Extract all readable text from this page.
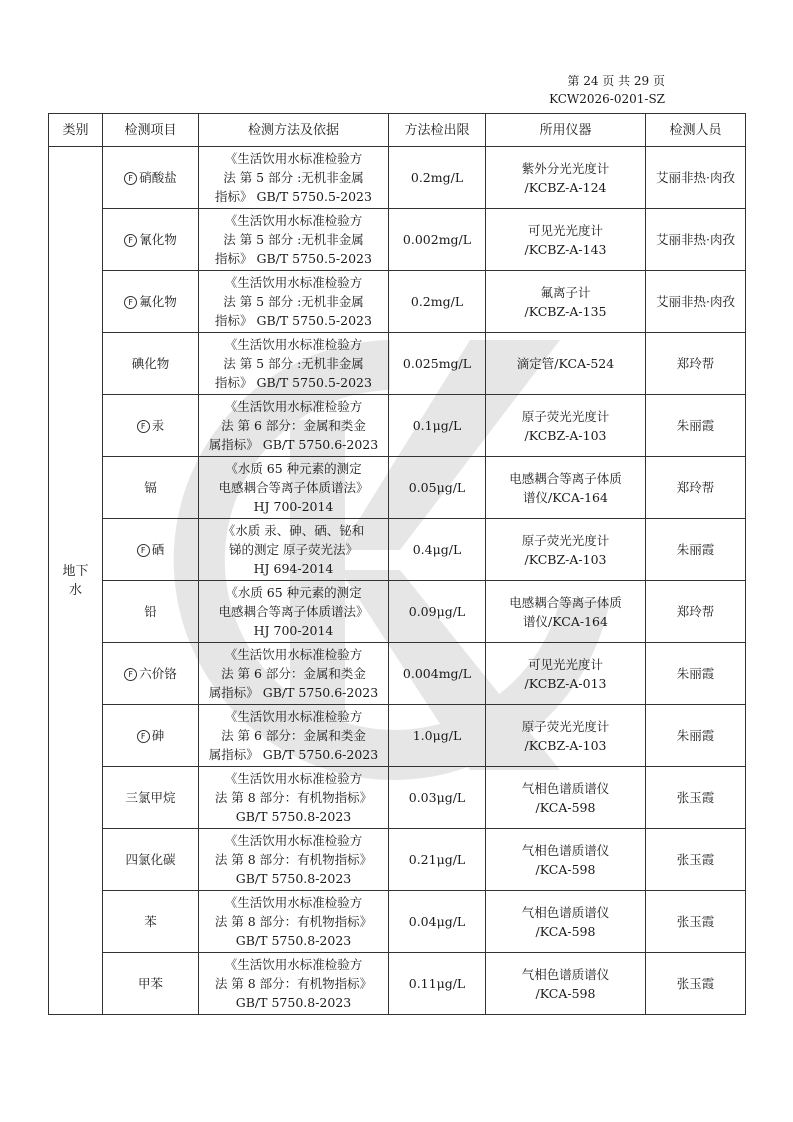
第 24 页 共 29 页
KCW2026-0201-SZ
类别	检测项目	检测方法及依据	方法检出限	所用仪器	检测人员
地下
水	F 硝酸盐	《生活饮用水标准检验方
法 第 5 部分 :无机非金属
指标》 GB/T 5750.5-2023	0.2mg/L	紫外分光光度计
/KCBZ-A-124	艾丽非热·肉孜
	F 氰化物	《生活饮用水标准检验方
法 第 5 部分 :无机非金属
指标》 GB/T 5750.5-2023	0.002mg/L	可见光光度计
/KCBZ-A-143	艾丽非热·肉孜
	F 氟化物	《生活饮用水标准检验方
法 第 5 部分 :无机非金属
指标》 GB/T 5750.5-2023	0.2mg/L	氟离子计
/KCBZ-A-135	艾丽非热·肉孜
	碘化物	《生活饮用水标准检验方
法 第 5 部分 :无机非金属
指标》 GB/T 5750.5-2023	0.025mg/L	滴定管/KCA-524	郑玲帮
	F 汞	《生活饮用水标准检验方
法 第 6 部分：金属和类金
属指标》 GB/T 5750.6-2023	0.1μg/L	原子荧光光度计
/KCBZ-A-103	朱丽霞
	镉	《水质 65 种元素的测定
电感耦合等离子体质谱法》
HJ 700-2014	0.05μg/L	电感耦合等离子体质
谱仪/KCA-164	郑玲帮
	F 硒	《水质 汞、砷、硒、铋和
锑的测定 原子荧光法》
HJ 694-2014	0.4μg/L	原子荧光光度计
/KCBZ-A-103	朱丽霞
	铅	《水质 65 种元素的测定
电感耦合等离子体质谱法》
HJ 700-2014	0.09μg/L	电感耦合等离子体质
谱仪/KCA-164	郑玲帮
	F 六价铬	《生活饮用水标准检验方
法 第 6 部分：金属和类金
属指标》 GB/T 5750.6-2023	0.004mg/L	可见光光度计
/KCBZ-A-013	朱丽霞
	F 砷	《生活饮用水标准检验方
法 第 6 部分：金属和类金
属指标》 GB/T 5750.6-2023	1.0μg/L	原子荧光光度计
/KCBZ-A-103	朱丽霞
	三氯甲烷	《生活饮用水标准检验方
法 第 8 部分：有机物指标》
GB/T 5750.8-2023	0.03μg/L	气相色谱质谱仪
/KCA-598	张玉霞
	四氯化碳	《生活饮用水标准检验方
法 第 8 部分：有机物指标》
GB/T 5750.8-2023	0.21μg/L	气相色谱质谱仪
/KCA-598	张玉霞
	苯	《生活饮用水标准检验方
法 第 8 部分：有机物指标》
GB/T 5750.8-2023	0.04μg/L	气相色谱质谱仪
/KCA-598	张玉霞
	甲苯	《生活饮用水标准检验方
法 第 8 部分：有机物指标》
GB/T 5750.8-2023	0.11μg/L	气相色谱质谱仪
/KCA-598	张玉霞
